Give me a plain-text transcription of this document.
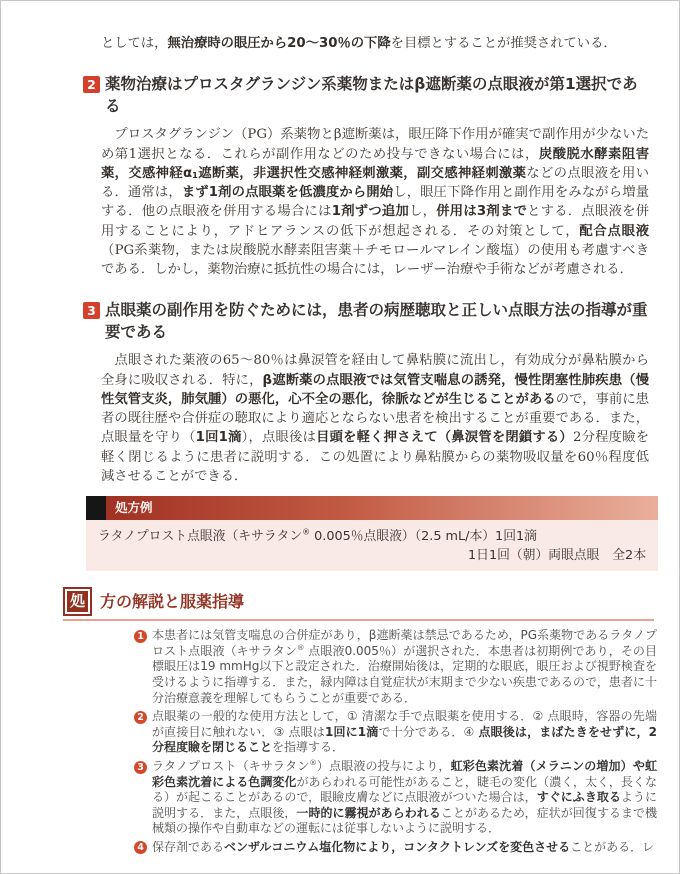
としては，無治療時の眼圧から20～30％の下降を目標とすることが推奨されている．

2 薬物治療はプロスタグランジン系薬物またはβ遮断薬の点眼液が第1選択である

　プロスタグランジン（PG）系薬物とβ遮断薬は，眼圧降下作用が確実で副作用が少ないため第1選択となる．これらが副作用などのため投与できない場合には，炭酸脱水酵素阻害薬，交感神経$\alpha_1$遮断薬，非選択性交感神経刺激薬，副交感神経刺激薬などの点眼液を用いる．通常は，まず1剤の点眼薬を低濃度から開始し，眼圧下降作用と副作用をみながら増量する．他の点眼液を併用する場合には1剤ずつ追加し，併用は3剤までとする．点眼液を併用することにより，アドヒアランスの低下が想起される．その対策として，配合点眼液（PG系薬物，または炭酸脱水酵素阻害薬＋チモロールマレイン酸塩）の使用も考慮すべきである．しかし，薬物治療に抵抗性の場合には，レーザー治療や手術などが考慮される．

3 点眼薬の副作用を防ぐためには，患者の病歴聴取と正しい点眼方法の指導が重要である

　点眼された薬液の65～80％は鼻涙管を経由して鼻粘膜に流出し，有効成分が鼻粘膜から全身に吸収される．特に，β遮断薬の点眼液では気管支喘息の誘発，慢性閉塞性肺疾患（慢性気管支炎，肺気腫）の悪化，心不全の悪化，徐脈などが生じることがあるので，事前に患者の既往歴や合併症の聴取により適応とならない患者を検出することが重要である．また，点眼量を守り（1回1滴），点眼後は目頭を軽く押さえて（鼻涙管を閉鎖する）2分程度瞼を軽く閉じるように患者に説明する．この処置により鼻粘膜からの薬物吸収量を60％程度低減させることができる．

処方例

ラタノプロスト点眼液（キサラタン® 0.005％点眼液）（2.5 mL/本）1回1滴

1日1回（朝）両眼点眼　全2本

処 方の解説と服薬指導
1 本患者には気管支喘息の合併症があり，β遮断薬は禁忌であるため，PG系薬物であるラタノプロスト点眼液（キサラタン® 点眼液0.005％）が選択された．本患者は初期例であり，その目標眼圧は19 mmHg以下と設定された．治療開始後は，定期的な眼底，眼圧および視野検査を受けるように指導する．また，緑内障は自覚症状が末期まで少ない疾患であるので，患者に十分治療意義を理解してもらうことが重要である．

2 点眼薬の一般的な使用方法として，① 清潔な手で点眼薬を使用する．② 点眼時，容器の先端が直接目に触れない．③ 点眼は1回に1滴で十分である．④ 点眼後は，まばたきをせずに，2分程度瞼を閉じることを指導する．

3 ラタノプロスト（キサラタン®）点眼液の投与により，虹彩色素沈着（メラニンの増加）や虹彩色素沈着による色調変化があらわれる可能性があること，睫毛の変化（濃く，太く，長くなる）が起こることがあるので，眼瞼皮膚などに点眼液がついた場合は，すぐにふき取るように説明する．また，点眼後，一時的に霧視があらわれることがあるため，症状が回復するまで機械類の操作や自動車などの運転には従事しないように説明する．

4 保存剤であるベンザルコニウム塩化物により，コンタクトレンズを変色させることがある．レ
